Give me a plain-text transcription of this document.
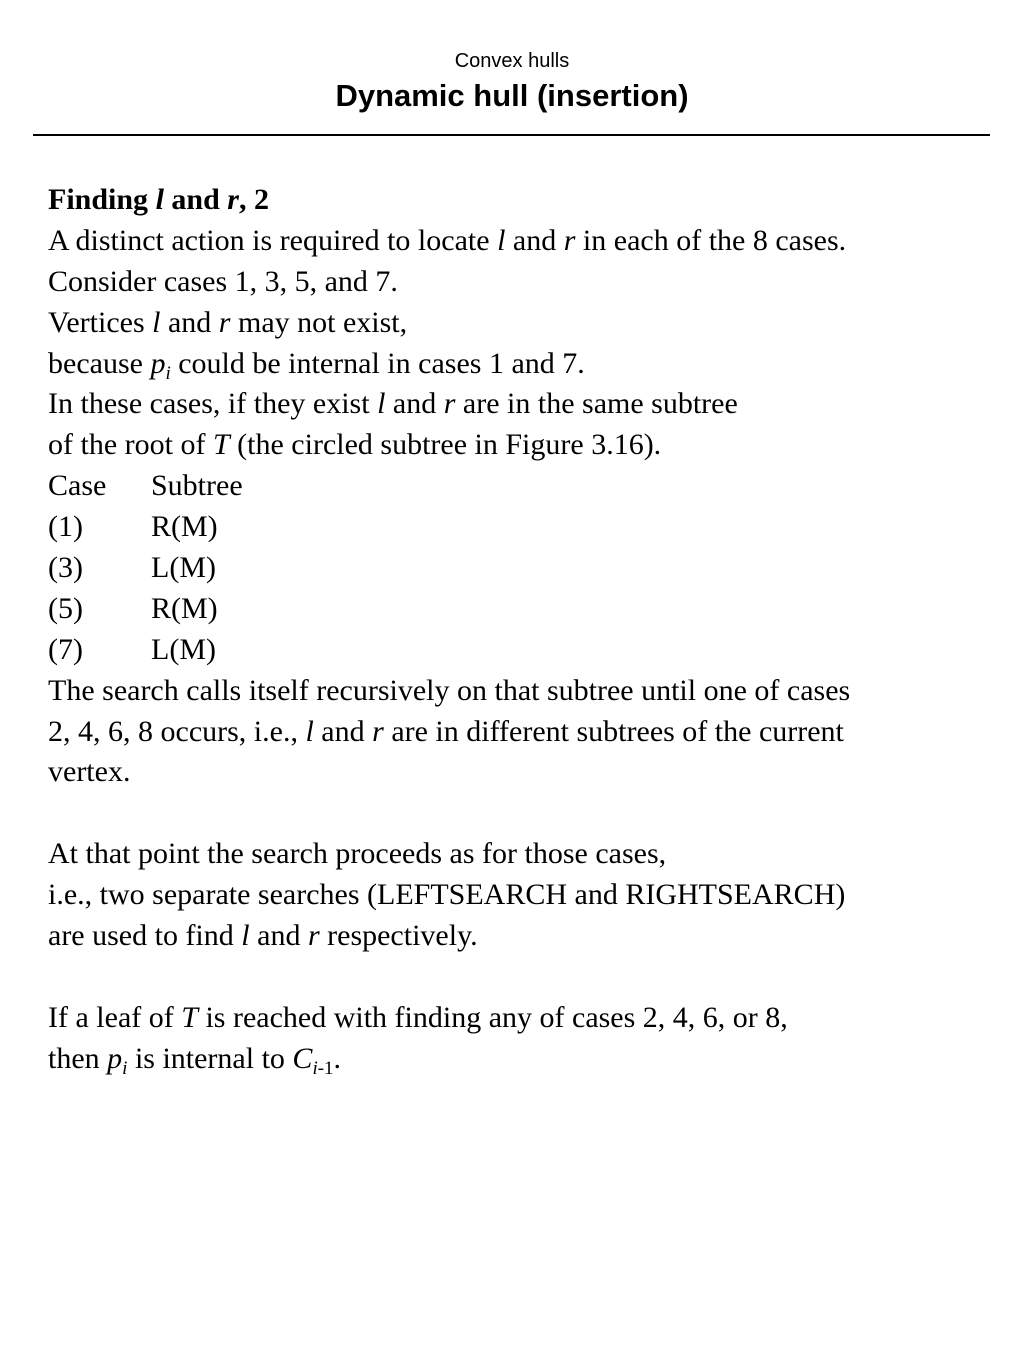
Convex hulls
Dynamic hull (insertion)
Finding l and r, 2
A distinct action is required to locate l and r in each of the 8 cases.
Consider cases 1, 3, 5, and 7.
Vertices l and r may not exist,
because $p_i$ could be internal in cases 1 and 7.
In these cases, if they exist l and r are in the same subtree
of the root of T (the circled subtree in Figure 3.16).
Case Subtree
(1) R(M)
(3) L(M)
(5) R(M)
(7) L(M)
The search calls itself recursively on that subtree until one of cases
2, 4, 6, 8 occurs, i.e., l and r are in different subtrees of the current
vertex.
At that point the search proceeds as for those cases,
i.e., two separate searches (LEFTSEARCH and RIGHTSEARCH)
are used to find l and r respectively.
If a leaf of T is reached with finding any of cases 2, 4, 6, or 8,
then $p_i$ is internal to $C_{i-1}$.
